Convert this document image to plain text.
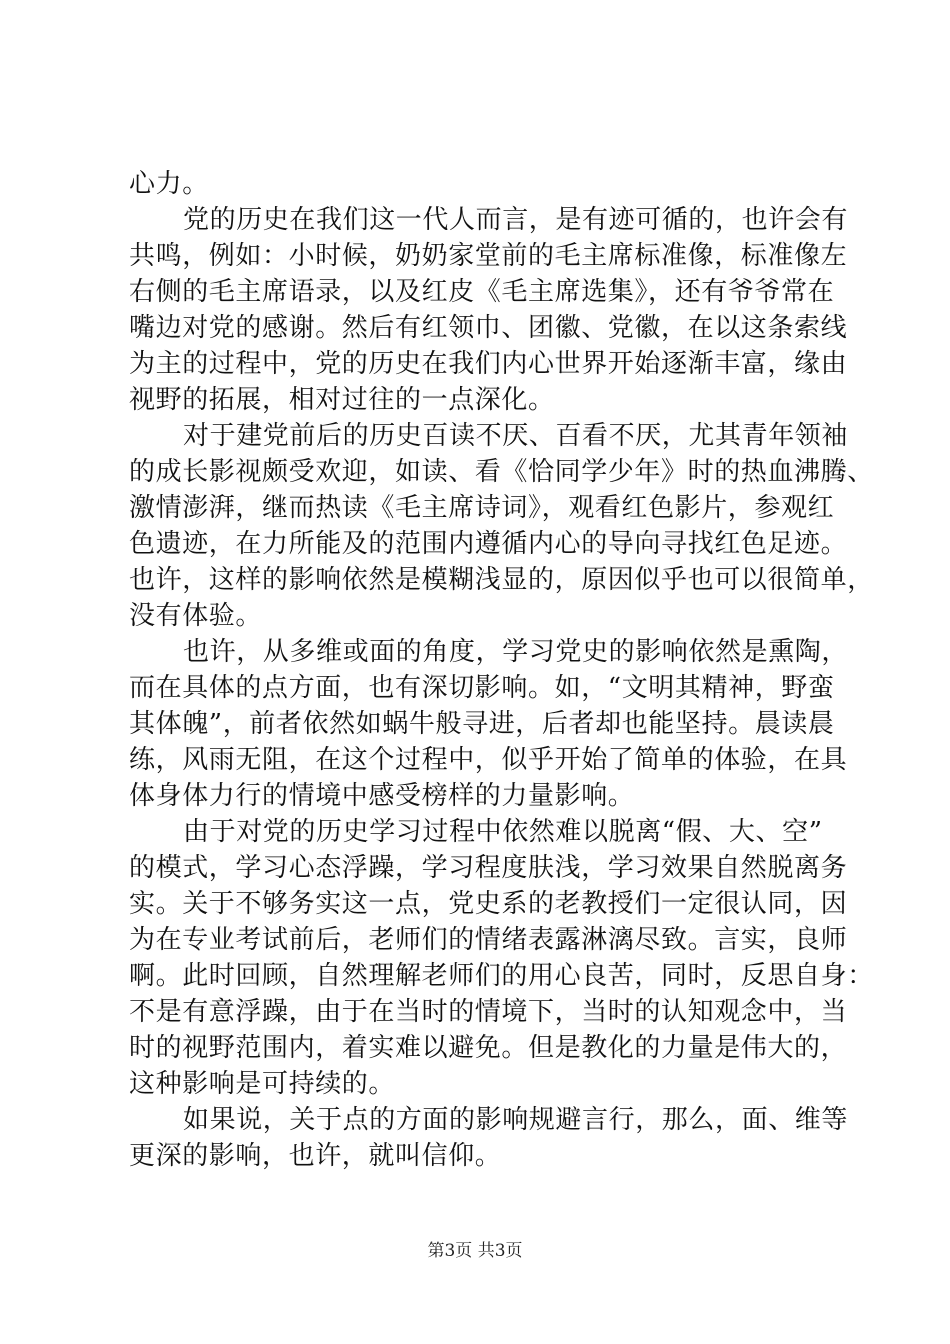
心力。
党的历史在我们这一代人而言，是有迹可循的，也许会有
共鸣，例如：小时候，奶奶家堂前的毛主席标准像，标准像左
右侧的毛主席语录，以及红皮《毛主席选集》，还有爷爷常在
嘴边对党的感谢。然后有红领巾、团徽、党徽，在以这条索线
为主的过程中，党的历史在我们内心世界开始逐渐丰富，缘由
视野的拓展，相对过往的一点深化。
对于建党前后的历史百读不厌、百看不厌，尤其青年领袖
的成长影视颇受欢迎，如读、看《恰同学少年》时的热血沸腾、
激情澎湃，继而热读《毛主席诗词》，观看红色影片，参观红
色遗迹，在力所能及的范围内遵循内心的导向寻找红色足迹。
也许，这样的影响依然是模糊浅显的，原因似乎也可以很简单，
没有体验。
也许，从多维或面的角度，学习党史的影响依然是熏陶，
而在具体的点方面，也有深切影响。如，“文明其精神，野蛮
其体魄”，前者依然如蜗牛般寻进，后者却也能坚持。晨读晨
练，风雨无阻，在这个过程中，似乎开始了简单的体验，在具
体身体力行的情境中感受榜样的力量影响。
由于对党的历史学习过程中依然难以脱离“假、大、空”
的模式，学习心态浮躁，学习程度肤浅，学习效果自然脱离务
实。关于不够务实这一点，党史系的老教授们一定很认同，因
为在专业考试前后，老师们的情绪表露淋漓尽致。言实，良师
啊。此时回顾，自然理解老师们的用心良苦，同时，反思自身：
不是有意浮躁，由于在当时的情境下，当时的认知观念中，当
时的视野范围内，着实难以避免。但是教化的力量是伟大的，
这种影响是可持续的。
如果说，关于点的方面的影响规避言行，那么，面、维等
更深的影响，也许，就叫信仰。
第3页 共3页
